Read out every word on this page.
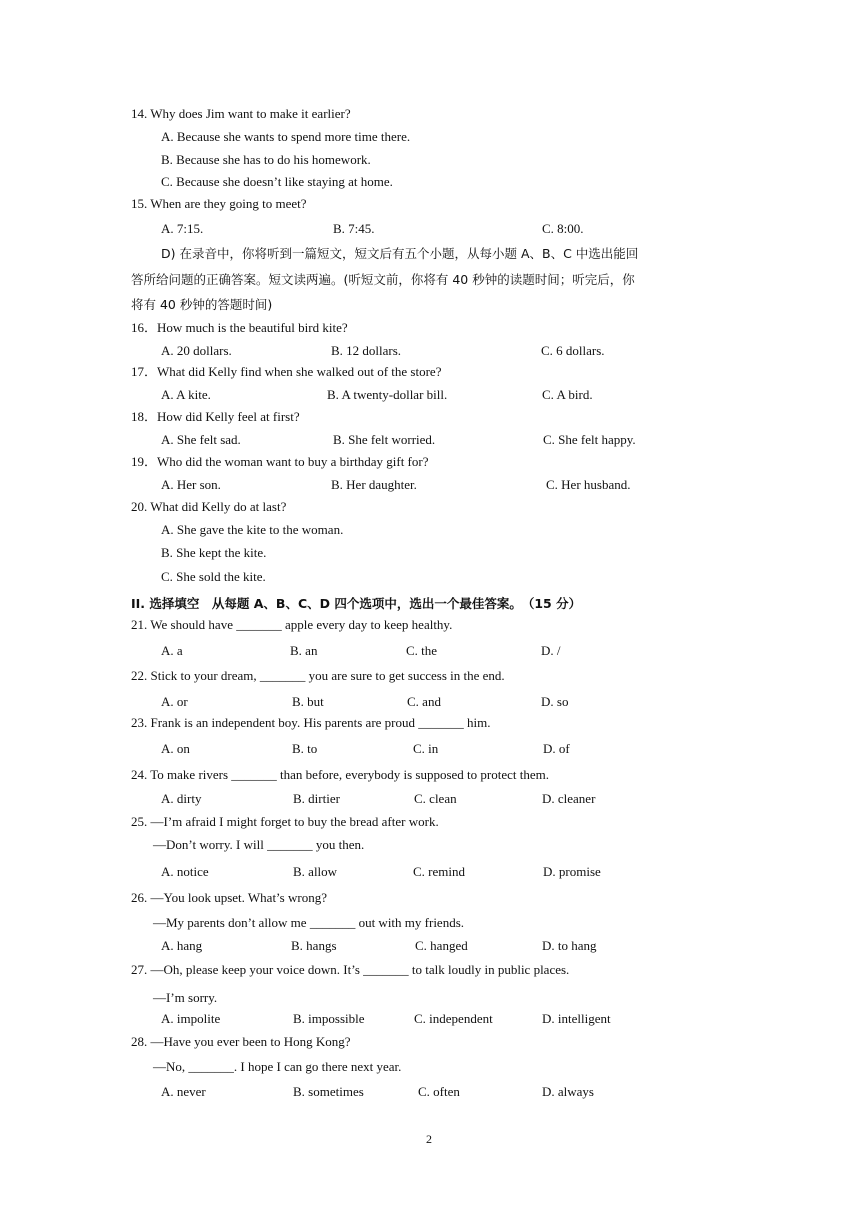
14. Why does Jim want to make it earlier?
A. Because she wants to spend more time there.
B. Because she has to do his homework.
C. Because she doesn’t like staying at home.
15. When are they going to meet?
A. 7:15.	B. 7:45.	C. 8:00.
D) 在录音中，你将听到一篇短文，短文后有五个小题，从每小题 A、B、C 中选出能回
答所给问题的正确答案。短文读两遍。(听短文前，你将有 40 秒钟的读题时间；听完后，你
将有 40 秒钟的答题时间)
16．How much is the beautiful bird kite?
A. 20 dollars.	B. 12 dollars.	C. 6 dollars.
17．What did Kelly find when she walked out of the store?
A. A kite.	B. A twenty-dollar bill.	C. A bird.
18．How did Kelly feel at first?
A. She felt sad.	B. She felt worried.	C. She felt happy.
19．Who did the woman want to buy a birthday gift for?
A. Her son.	B. Her daughter.	C. Her husband.
20. What did Kelly do at last?
A. She gave the kite to the woman.
B. She kept the kite.
C. She sold the kite.
II. 选择填空　从每题 A、B、C、D 四个选项中，选出一个最佳答案。　（15 分）
21. We should have _______ apple every day to keep healthy.
A. a	B. an	C. the	D. /
22. Stick to your dream, _______ you are sure to get success in the end.
A. or	B. but	C. and	D. so
23. Frank is an independent boy. His parents are proud _______ him.
A. on	B. to	C. in	D. of
24. To make rivers _______ than before, everybody is supposed to protect them.
A. dirty	B. dirtier	C. clean	D. cleaner
25. —I’m afraid I might forget to buy the bread after work.
—Don’t worry. I will _______ you then.
A. notice	B. allow	C. remind	D. promise
26. —You look upset. What’s wrong?
—My parents don’t allow me _______ out with my friends.
A. hang	B. hangs	C. hanged	D. to hang
27. —Oh, please keep your voice down. It’s _______ to talk loudly in public places.
—I’m sorry.
A. impolite	B. impossible	C. independent	D. intelligent
28. —Have you ever been to Hong Kong?
—No, _______. I hope I can go there next year.
A. never	B. sometimes	C. often	D. always
2
